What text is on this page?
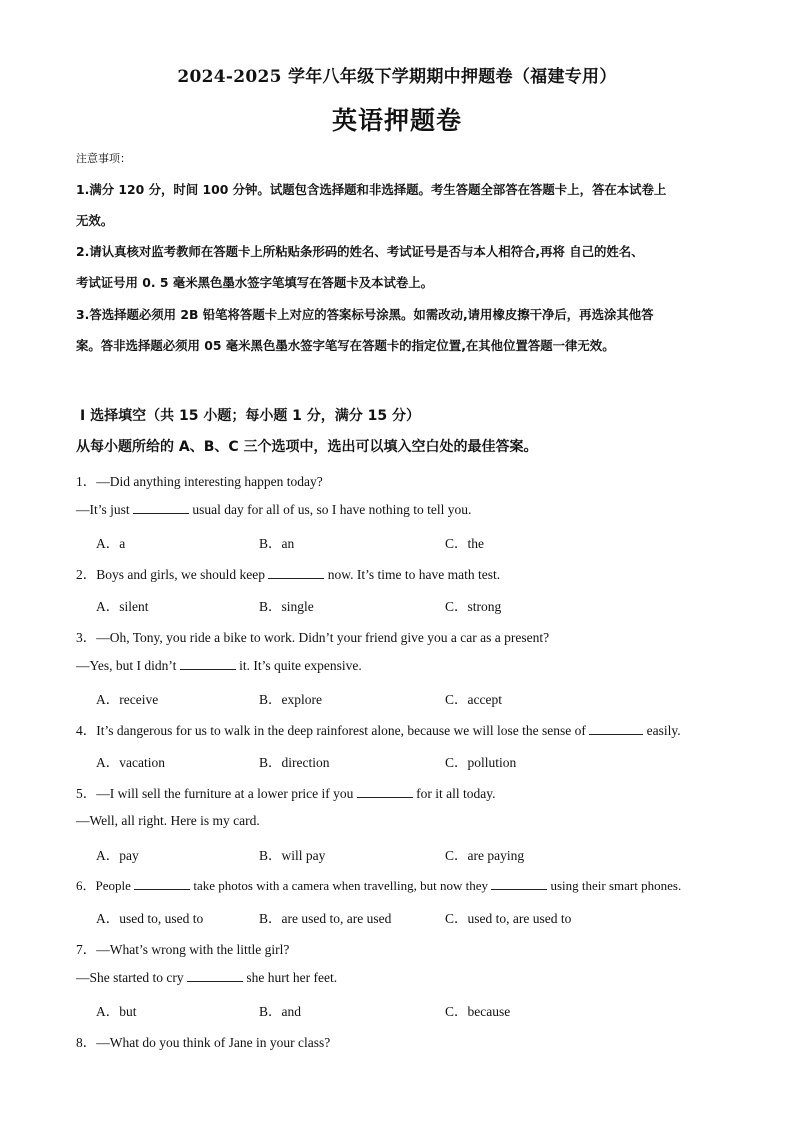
2024-2025 学年八年级下学期期中押题卷（福建专用）
英语押题卷
注意事项：
1.满分 120 分，时间 100 分钟。试题包含选择题和非选择题。考生答题全部答在答题卡上，答在本试卷上
无效。
2.请认真核对监考教师在答题卡上所粘贴条形码的姓名、考试证号是否与本人相符合,再将 自己的姓名、
考试证号用 0. 5 毫米黑色墨水签字笔填写在答题卡及本试卷上。
3.答选择题必须用 2B 铅笔将答题卡上对应的答案标号涂黑。如需改动,请用橡皮擦干净后，再选涂其他答
案。答非选择题必须用 05 毫米黑色墨水签字笔写在答题卡的指定位置,在其他位置答题一律无效。
Ⅰ 选择填空（共 15 小题；每小题 1 分，满分 15 分）
从每小题所给的 A、B、C 三个选项中，选出可以填入空白处的最佳答案。
1．—Did anything interesting happen today?
—It’s just	usual day for all of us, so I have nothing to tell you.
A．a	B．an	C．the
2．Boys and girls, we should keep	now. It’s time to have math test.
A．silent	B．single	C．strong
3．—Oh, Tony, you ride a bike to work. Didn’t your friend give you a car as a present?
—Yes, but I didn’t	it. It’s quite expensive.
A．receive	B．explore	C．accept
4．It’s dangerous for us to walk in the deep rainforest alone, because we will lose the sense of	easily.
A．vacation	B．direction	C．pollution
5．—I will sell the furniture at a lower price if you	for it all today.
—Well, all right. Here is my card.
A．pay	B．will pay	C．are paying
6．People	take photos with a camera when travelling, but now they	using their smart phones.
A．used to, used to	B．are used to, are used	C．used to, are used to
7．—What’s wrong with the little girl?
—She started to cry	she hurt her feet.
A．but	B．and	C．because
8．—What do you think of Jane in your class?
